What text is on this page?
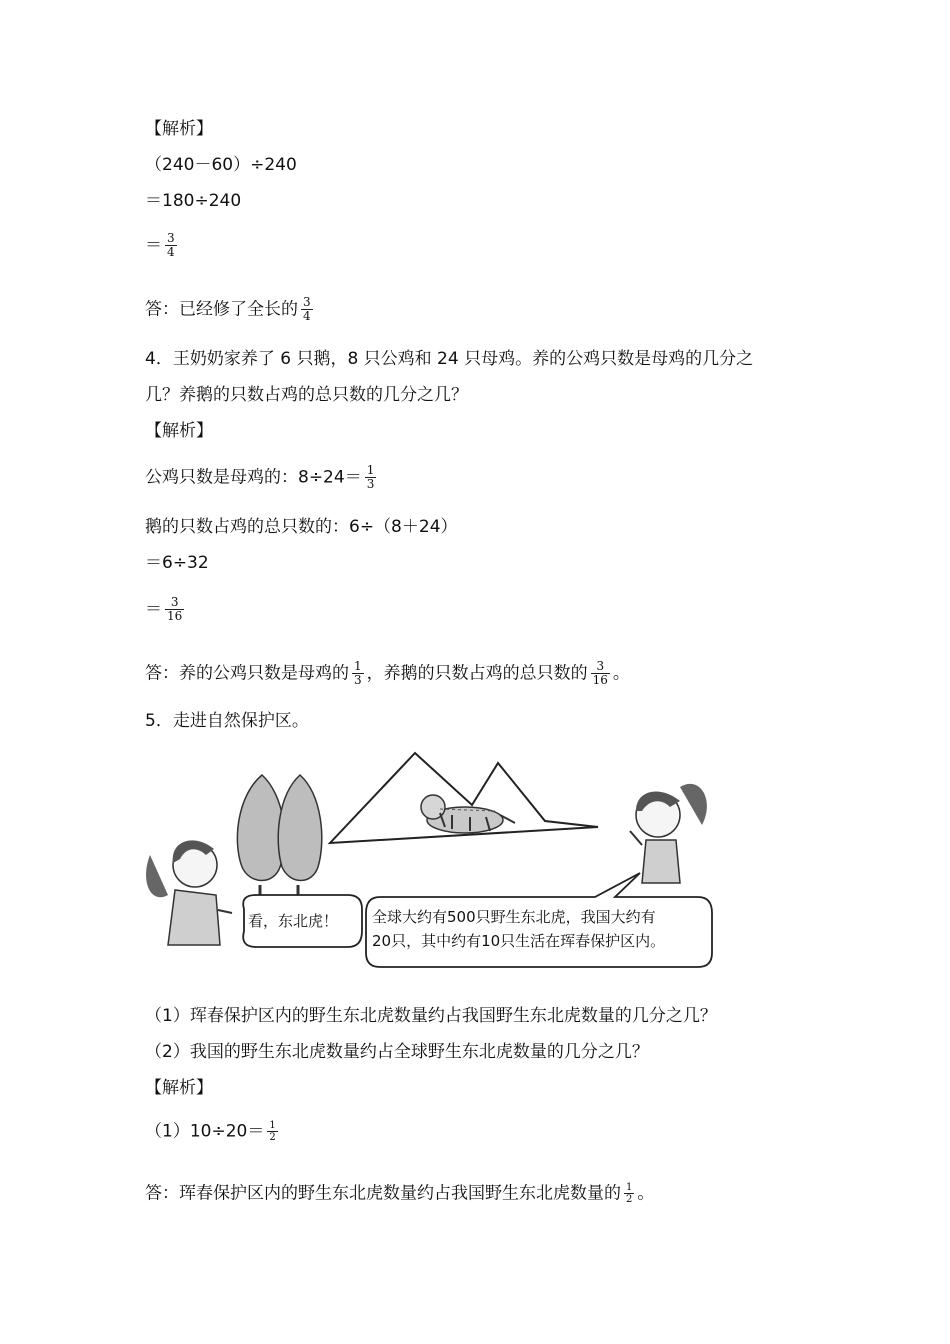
【解析】
（240－60）÷240
＝180÷240
＝ $\frac{3}{4}$
答：已经修了全长的 $\frac{3}{4}$
4．王奶奶家养了 6 只鹅，8 只公鸡和 24 只母鸡。养的公鸡只数是母鸡的几分之
几？养鹅的只数占鸡的总只数的几分之几？
【解析】
公鸡只数是母鸡的：$8\div 24= \frac{1}{3}$
鹅的只数占鸡的总只数的：6÷（8＋24）
＝6÷32
＝ $\frac{3}{16}$
答：养的公鸡只数是母鸡的 $\frac{1}{3}$ ，养鹅的只数占鸡的总只数的 $\frac{3}{16}$ 。
5．走进自然保护区。
看，东北虎！ 全球大约有500只野生东北虎，我国大约有
20只，其中约有10只生活在珲春保护区内。
（1）珲春保护区内的野生东北虎数量约占我国野生东北虎数量的几分之几？
（2）我国的野生东北虎数量约占全球野生东北虎数量的几分之几？
【解析】
$(1)10\div 20= \frac{1}{2}$
答：珲春保护区内的野生东北虎数量约占我国野生东北虎数量的 $\frac{1}{2}$ 。
